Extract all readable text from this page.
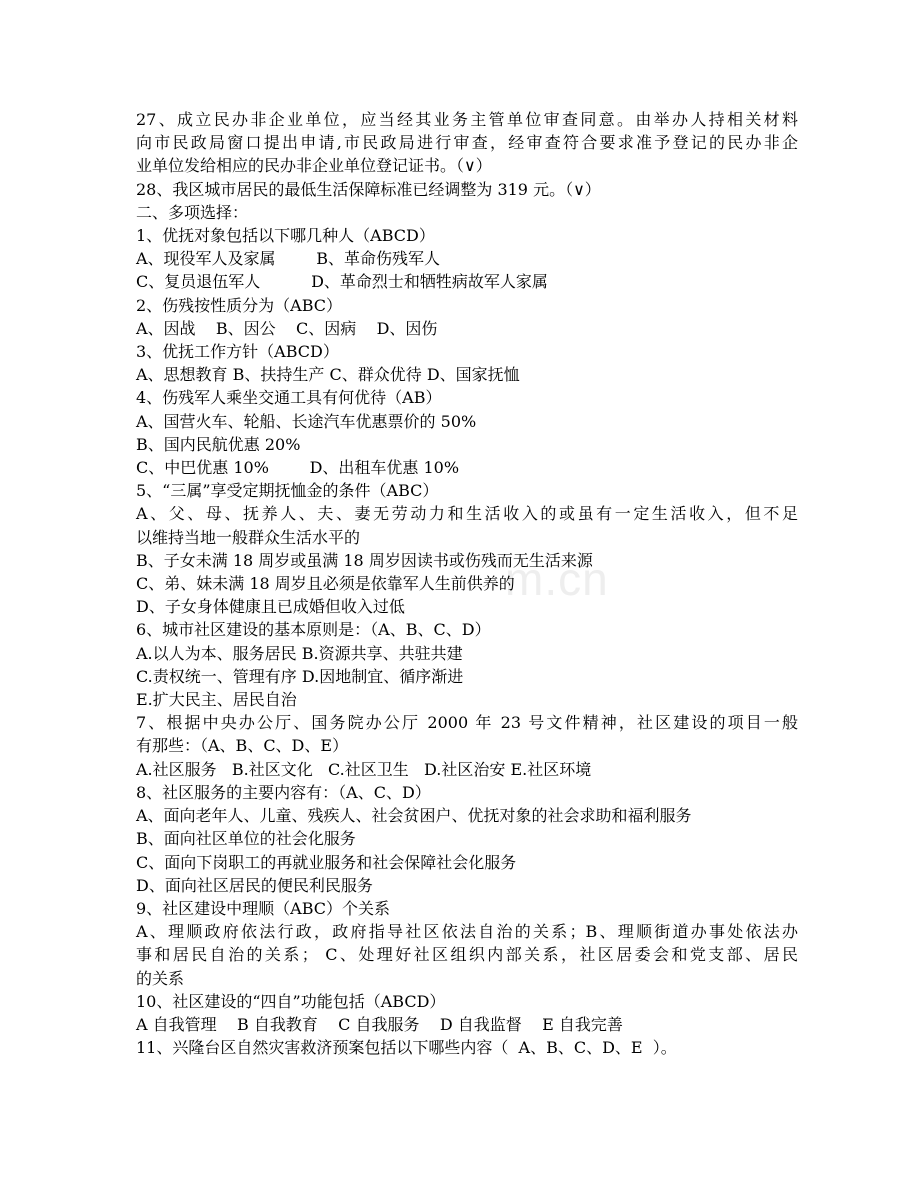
m.cn
27、成立民办非企业单位，应当经其业务主管单位审查同意。由举办人持相关材料
向市民政局窗口提出申请,市民政局进行审查，经审查符合要求准予登记的民办非企
业单位发给相应的民办非企业单位登记证书。（∨）
28、我区城市居民的最低生活保障标准已经调整为 319 元。（∨）
二、多项选择：
1、优抚对象包括以下哪几种人（ABCD）
A、现役军人及家属        B、革命伤残军人
C、复员退伍军人          D、革命烈士和牺牲病故军人家属
2、伤残按性质分为（ABC）
A、因战    B、因公    C、因病    D、因伤
3、优抚工作方针（ABCD）
A、思想教育 B、扶持生产 C、群众优待 D、国家抚恤
4、伤残军人乘坐交通工具有何优待（AB）
A、国营火车、轮船、长途汽车优惠票价的 50%
B、国内民航优惠 20%
C、中巴优惠 10%        D、出租车优惠 10%
5、“三属”享受定期抚恤金的条件（ABC）
A、父、母、抚养人、夫、妻无劳动力和生活收入的或虽有一定生活收入，但不足
以维持当地一般群众生活水平的
B、子女未满 18 周岁或虽满 18 周岁因读书或伤残而无生活来源
C、弟、妹未满 18 周岁且必须是依靠军人生前供养的
D、子女身体健康且已成婚但收入过低
6、城市社区建设的基本原则是：（A、B、C、D）
A.以人为本、服务居民 B.资源共享、共驻共建
C.责权统一、管理有序 D.因地制宜、循序渐进
E.扩大民主、居民自治
7、根据中央办公厅、国务院办公厅 2000 年 23 号文件精神，社区建设的项目一般
有那些：（A、B、C、D、E）
A.社区服务   B.社区文化   C.社区卫生   D.社区治安 E.社区环境
8、社区服务的主要内容有：（A、C、D）
A、面向老年人、儿童、残疾人、社会贫困户、优抚对象的社会求助和福利服务
B、面向社区单位的社会化服务
C、面向下岗职工的再就业服务和社会保障社会化服务
D、面向社区居民的便民利民服务
9、社区建设中理顺（ABC）个关系
A、理顺政府依法行政，政府指导社区依法自治的关系；B、理顺街道办事处依法办
事和居民自治的关系； C、处理好社区组织内部关系，社区居委会和党支部、居民
的关系
10、社区建设的“四自”功能包括（ABCD）
A 自我管理    B 自我教育    C 自我服务    D 自我监督    E 自我完善
11、兴隆台区自然灾害救济预案包括以下哪些内容（  A、B、C、D、E  ）。
